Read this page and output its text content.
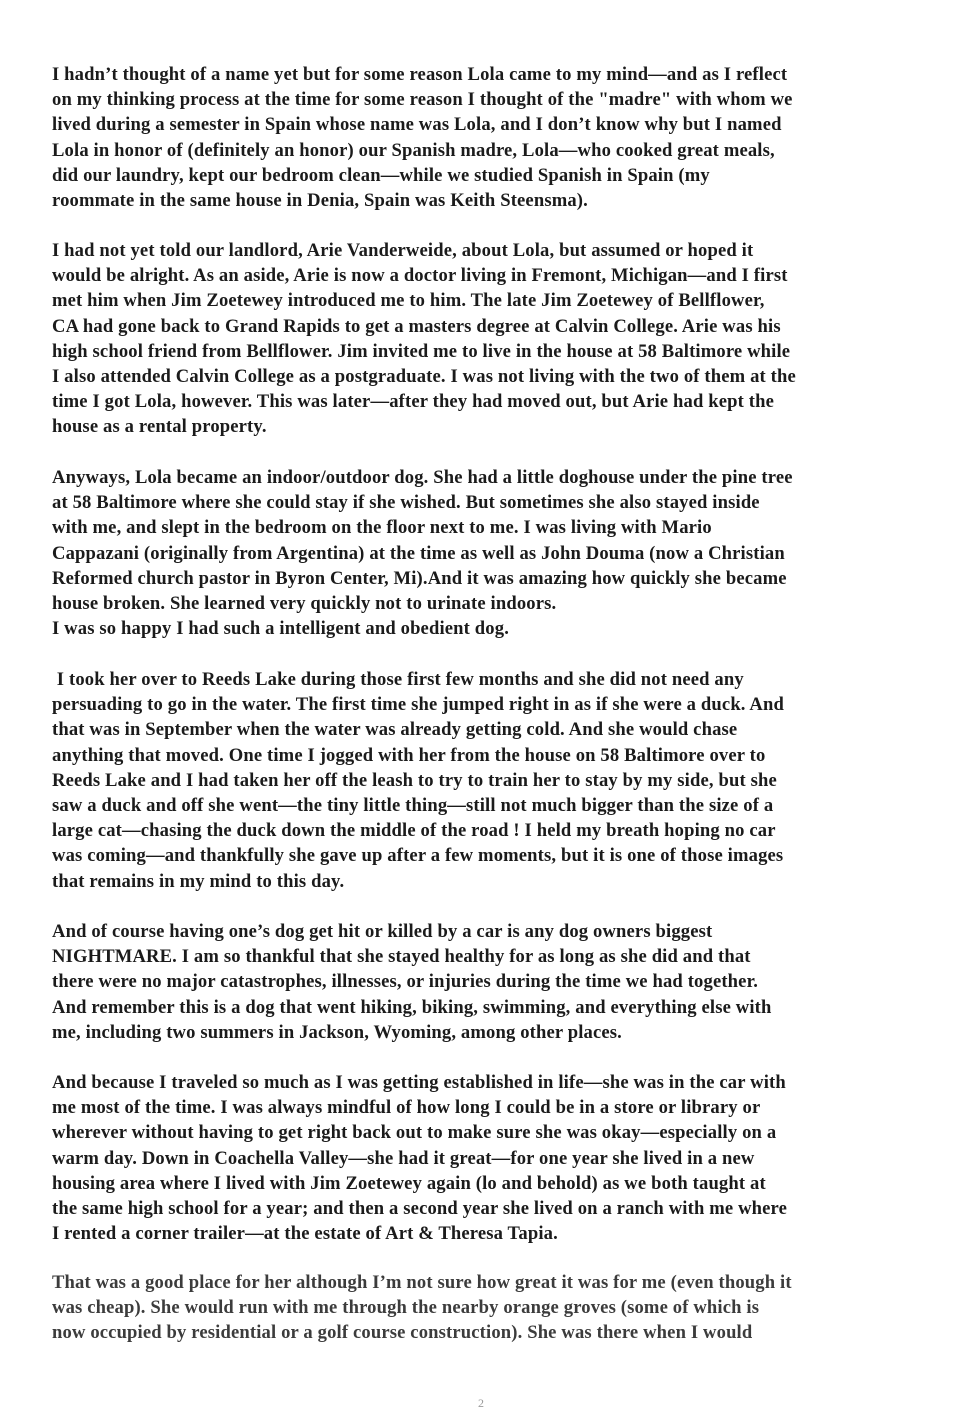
I hadn’t thought of a name yet but for some reason Lola came to my mind—and as I reflect
on my thinking process at the time for some reason I thought of the "madre" with whom we
lived during a semester in Spain whose name was Lola, and I don’t know why but I named
Lola in honor of (definitely an honor) our Spanish madre, Lola—who cooked great meals,
did our laundry, kept our bedroom clean—while we studied Spanish in Spain (my
roommate in the same house in Denia, Spain was Keith Steensma).
I had not yet told our landlord, Arie Vanderweide, about Lola, but assumed or hoped it
would be alright. As an aside, Arie is now a doctor living in Fremont, Michigan—and I first
met him when Jim Zoetewey introduced me to him. The late Jim Zoetewey of Bellflower,
CA had gone back to Grand Rapids to get a masters degree at Calvin College. Arie was his
high school friend from Bellflower. Jim invited me to live in the house at 58 Baltimore while
I also attended Calvin College as a postgraduate. I was not living with the two of them at the
time I got Lola, however. This was later—after they had moved out, but Arie had kept the
house as a rental property.
Anyways, Lola became an indoor/outdoor dog. She had a little doghouse under the pine tree
at 58 Baltimore where she could stay if she wished. But sometimes she also stayed inside
with me, and slept in the bedroom on the floor next to me. I was living with Mario
Cappazani (originally from Argentina) at the time as well as John Douma (now a Christian
Reformed church pastor in Byron Center, Mi).And it was amazing how quickly she became
house broken. She learned very quickly not to urinate indoors.
I was so happy I had such a intelligent and obedient dog.
I took her over to Reeds Lake during those first few months and she did not need any
persuading to go in the water. The first time she jumped right in as if she were a duck. And
that was in September when the water was already getting cold. And she would chase
anything that moved. One time I jogged with her from the house on 58 Baltimore over to
Reeds Lake and I had taken her off the leash to try to train her to stay by my side, but she
saw a duck and off she went—the tiny little thing—still not much bigger than the size of a
large cat—chasing the duck down the middle of the road ! I held my breath hoping no car
was coming—and thankfully she gave up after a few moments, but it is one of those images
that remains in my mind to this day.
And of course having one’s dog get hit or killed by a car is any dog owners biggest
NIGHTMARE. I am so thankful that she stayed healthy for as long as she did and that
there were no major catastrophes, illnesses, or injuries during the time we had together.
And remember this is a dog that went hiking, biking, swimming, and everything else with
me, including two summers in Jackson, Wyoming, among other places.
And because I traveled so much as I was getting established in life—she was in the car with
me most of the time. I was always mindful of how long I could be in a store or library or
wherever without having to get right back out to make sure she was okay—especially on a
warm day. Down in Coachella Valley—she had it great—for one year she lived in a new
housing area where I lived with Jim Zoetewey again (lo and behold) as we both taught at
the same high school for a year; and then a second year she lived on a ranch with me where
I rented a corner trailer—at the estate of Art & Theresa Tapia.
That was a good place for her although I’m not sure how great it was for me (even though it
was cheap). She would run with me through the nearby orange groves (some of which is
now occupied by residential or a golf course construction). She was there when I would
2
